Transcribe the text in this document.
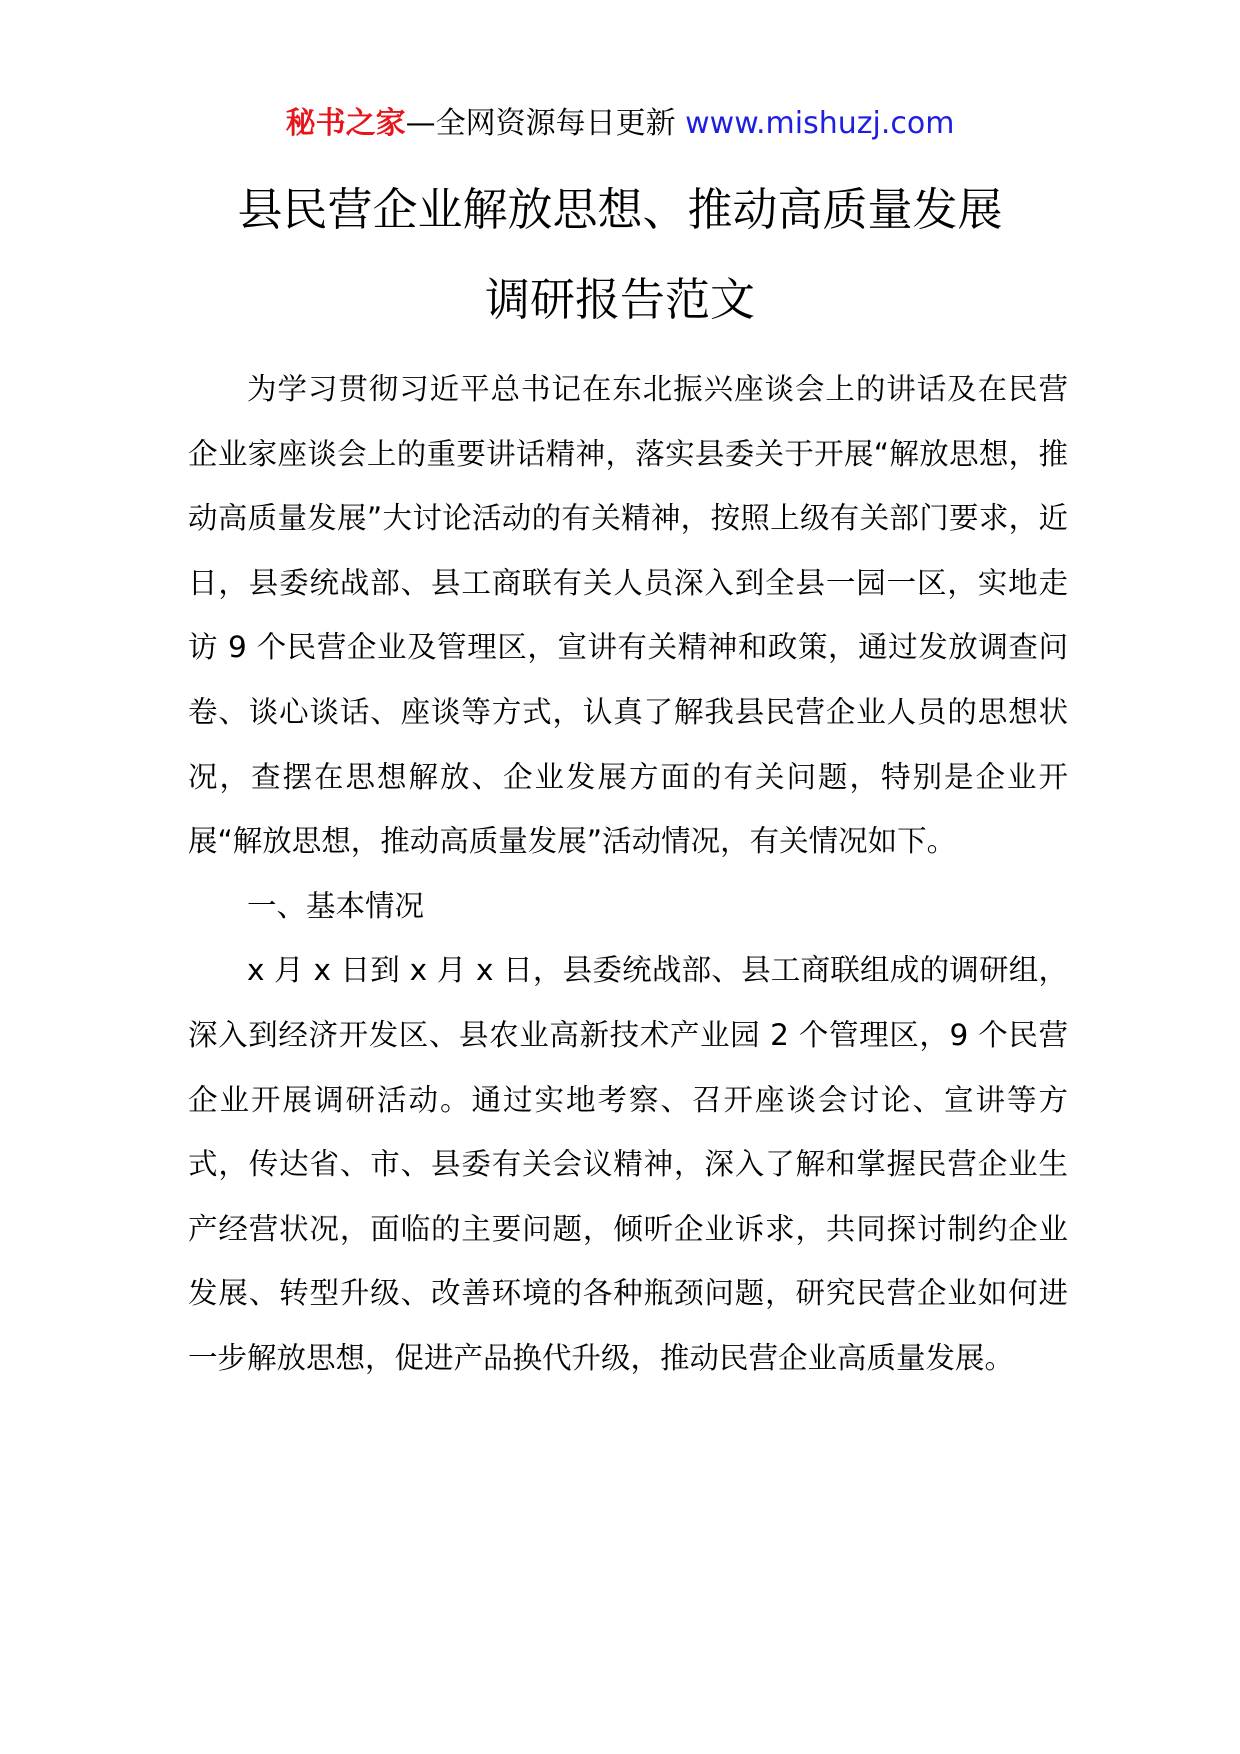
秘书之家—全网资源每日更新 www.mishuzj.com
县民营企业解放思想、推动高质量发展
调研报告范文

为学习贯彻习近平总书记在东北振兴座谈会上的讲话及在民营企业家座谈会上的重要讲话精神，落实县委关于开展“解放思想，推动高质量发展”大讨论活动的有关精神，按照上级有关部门要求，近日，县委统战部、县工商联有关人员深入到全县一园一区，实地走访 9 个民营企业及管理区，宣讲有关精神和政策，通过发放调查问卷、谈心谈话、座谈等方式，认真了解我县民营企业人员的思想状况，查摆在思想解放、企业发展方面的有关问题，特别是企业开展“解放思想，推动高质量发展”活动情况，有关情况如下。

一、基本情况

x 月 x 日到 x 月 x 日，县委统战部、县工商联组成的调研组，深入到经济开发区、县农业高新技术产业园 2 个管理区，9 个民营企业开展调研活动。通过实地考察、召开座谈会讨论、宣讲等方式，传达省、市、县委有关会议精神，深入了解和掌握民营企业生产经营状况，面临的主要问题，倾听企业诉求，共同探讨制约企业发展、转型升级、改善环境的各种瓶颈问题，研究民营企业如何进一步解放思想，促进产品换代升级，推动民营企业高质量发展。
